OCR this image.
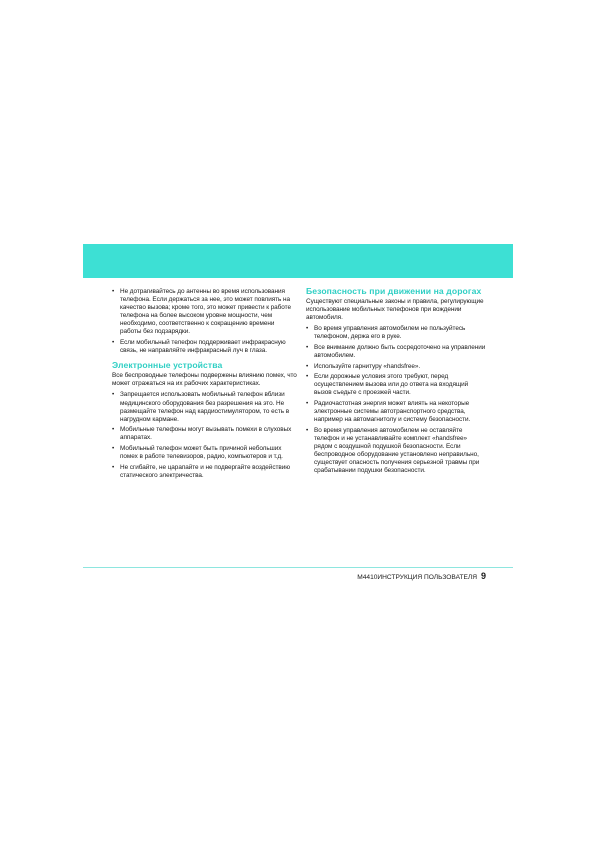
• Не дотрагивайтесь до антенны во время использования телефона. Если держаться за нее, это может повлиять на качество вызова; кроме того, это может привести к работе телефона на более высоком уровне мощности, чем необходимо, соответственно к сокращению времени работы без подзарядки.
• Если мобильный телефон поддерживает инфракрасную связь, не направляйте инфракрасный луч в глаза.
Электронные устройства

Все беспроводные телефоны подвержены влиянию помех, что может отражаться на их рабочих характеристиках.

• Запрещается использовать мобильный телефон вблизи медицинского оборудования без разрешения на это. Не размещайте телефон над кардиостимулятором, то есть в нагрудном кармане.
• Мобильные телефоны могут вызывать помехи в слуховых аппаратах.
• Мобильный телефон может быть причиной небольших помех в работе телевизоров, радио, компьютеров и т.д.
• Не сгибайте, не царапайте и не подвергайте воздействию статического электричества.
Безопасность при движении на дорогах

Существуют специальные законы и правила, регулирующие использование мобильных телефонов при вождении автомобиля.

• Во время управления автомобилем не пользуйтесь телефоном, держа его в руке.
• Все внимание должно быть сосредоточено на управлении автомобилем.
• Используйте гарнитуру «handsfree».
• Если дорожные условия этого требуют, перед осуществлением вызова или до ответа на входящий вызов съедьте с проезжей части.
• Радиочастотная энергия может влиять на некоторые электронные системы автотранспортного средства, например на автомагнитолу и систему безопасности.
• Во время управления автомобилем не оставляйте телефон и не устанавливайте комплект «handsfree» рядом с воздушной подушкой безопасности. Если беспроводное оборудование установлено неправильно, существует опасность получения серьезной травмы при срабатывании подушки безопасности.
M4410ИНСТРУКЦИЯ ПОЛЬЗОВАТЕЛЯ 9
